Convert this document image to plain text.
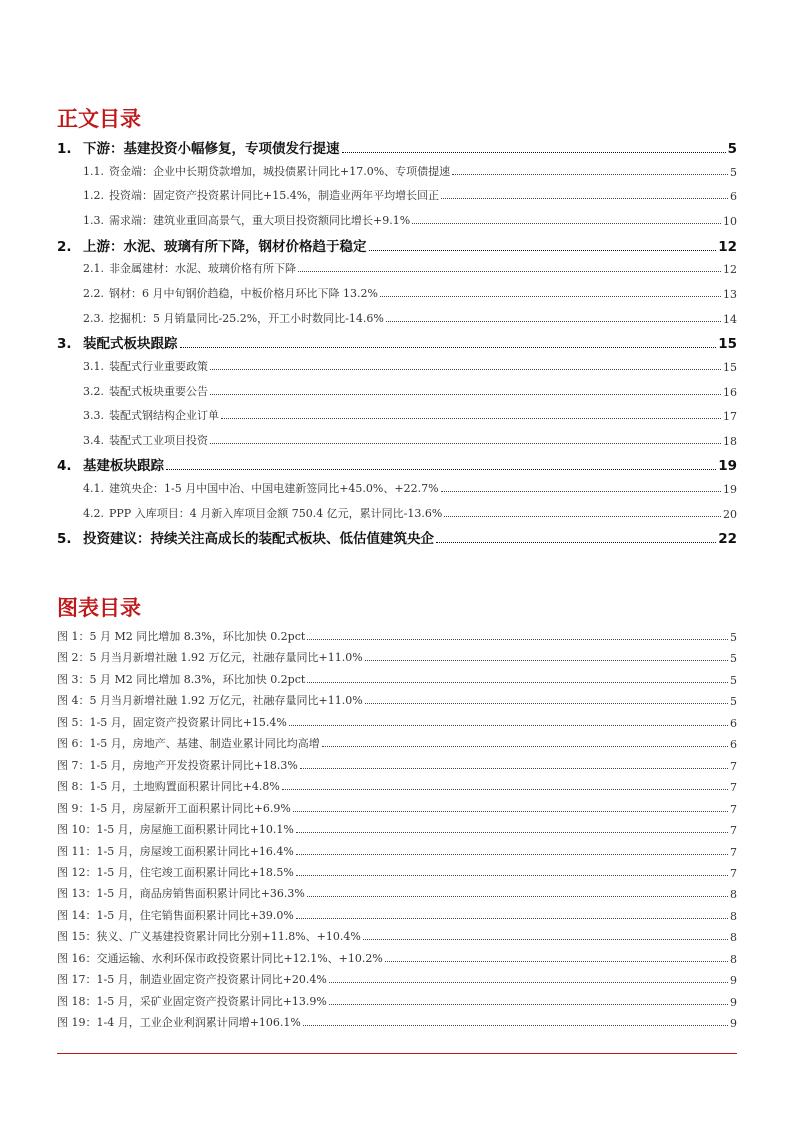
正文目录
1. 下游：基建投资小幅修复，专项债发行提速	5
1.1. 资金端：企业中长期贷款增加，城投债累计同比+17.0%、专项债提速	5
1.2. 投资端：固定资产投资累计同比+15.4%，制造业两年平均增长回正	6
1.3. 需求端：建筑业重回高景气，重大项目投资额同比增长+9.1%	10
2. 上游：水泥、玻璃有所下降，钢材价格趋于稳定	12
2.1. 非金属建材：水泥、玻璃价格有所下降	12
2.2. 钢材：6 月中旬钢价趋稳，中板价格月环比下降 13.2%	13
2.3. 挖掘机：5 月销量同比-25.2%，开工小时数同比-14.6%	14
3. 装配式板块跟踪	15
3.1. 装配式行业重要政策	15
3.2. 装配式板块重要公告	16
3.3. 装配式钢结构企业订单	17
3.4. 装配式工业项目投资	18
4. 基建板块跟踪	19
4.1. 建筑央企：1-5 月中国中冶、中国电建新签同比+45.0%、+22.7%	19
4.2. PPP 入库项目：4 月新入库项目金额 750.4 亿元，累计同比-13.6%	20
5. 投资建议：持续关注高成长的装配式板块、低估值建筑央企	22
图表目录
图 1：5 月 M2 同比增加 8.3%，环比加快 0.2pct	5
图 2：5 月当月新增社融 1.92 万亿元，社融存量同比+11.0%	5
图 3：5 月 M2 同比增加 8.3%，环比加快 0.2pct	5
图 4：5 月当月新增社融 1.92 万亿元，社融存量同比+11.0%	5
图 5：1-5 月，固定资产投资累计同比+15.4%	6
图 6：1-5 月，房地产、基建、制造业累计同比均高增	6
图 7：1-5 月，房地产开发投资累计同比+18.3%	7
图 8：1-5 月，土地购置面积累计同比+4.8%	7
图 9：1-5 月，房屋新开工面积累计同比+6.9%	7
图 10：1-5 月，房屋施工面积累计同比+10.1%	7
图 11：1-5 月，房屋竣工面积累计同比+16.4%	7
图 12：1-5 月，住宅竣工面积累计同比+18.5%	7
图 13：1-5 月，商品房销售面积累计同比+36.3%	8
图 14：1-5 月，住宅销售面积累计同比+39.0%	8
图 15：狭义、广义基建投资累计同比分别+11.8%、+10.4%	8
图 16：交通运输、水利环保市政投资累计同比+12.1%、+10.2%	8
图 17：1-5 月，制造业固定资产投资累计同比+20.4%	9
图 18：1-5 月，采矿业固定资产投资累计同比+13.9%	9
图 19：1-4 月，工业企业利润累计同增+106.1%	9
